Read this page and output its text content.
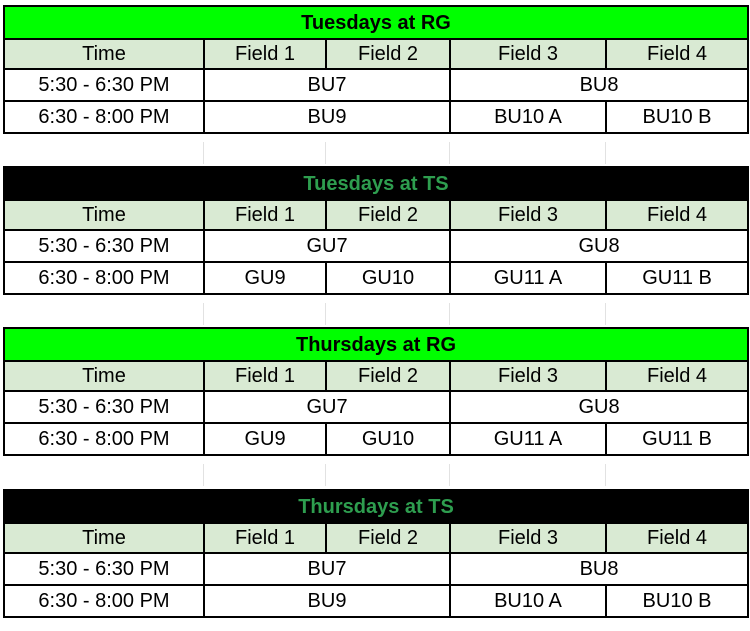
Tuesdays at RG				
Time	Field 1	Field 2	Field 3	Field 4
5:30 - 6:30 PM	BU7		BU8	
6:30 - 8:00 PM	BU9		BU10 A	BU10 B
Tuesdays at TS				
Time	Field 1	Field 2	Field 3	Field 4
5:30 - 6:30 PM	GU7		GU8	
6:30 - 8:00 PM	GU9	GU10	GU11 A	GU11 B
Thursdays at RG				
Time	Field 1	Field 2	Field 3	Field 4
5:30 - 6:30 PM	GU7		GU8	
6:30 - 8:00 PM	GU9	GU10	GU11 A	GU11 B
Thursdays at TS				
Time	Field 1	Field 2	Field 3	Field 4
5:30 - 6:30 PM	BU7		BU8	
6:30 - 8:00 PM	BU9		BU10 A	BU10 B
